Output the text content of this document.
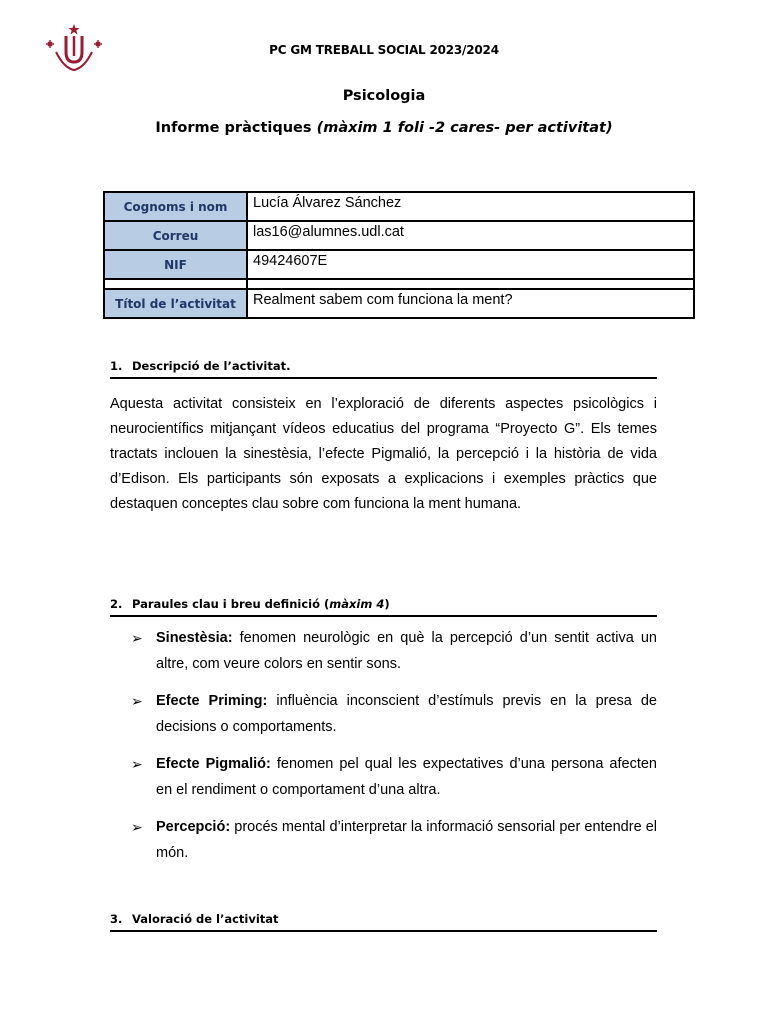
PC GM TREBALL SOCIAL 2023/2024
Psicologia
Informe pràctiques (màxim 1 foli -2 cares- per activitat)
Cognoms i nom	Lucía Álvarez Sánchez
Correu	las16@alumnes.udl.cat
NIF	49424607E

Títol de l’activitat	Realment sabem com funciona la ment?
1. Descripció de l’activitat.
Aquesta activitat consisteix en l’exploració de diferents aspectes psicològics i neurocientífics mitjançant vídeos educatius del programa “Proyecto G”. Els temes tractats inclouen la sinestèsia, l’efecte Pigmalió, la percepció i la història de vida d’Edison. Els participants són exposats a explicacions i exemples pràctics que destaquen conceptes clau sobre com funciona la ment humana.
2. Paraules clau i breu definició (màxim 4)
➢ Sinestèsia: fenomen neurològic en què la percepció d’un sentit activa un altre, com veure colors en sentir sons.
➢ Efecte Priming: influència inconscient d’estímuls previs en la presa de decisions o comportaments.
➢ Efecte Pigmalió: fenomen pel qual les expectatives d’una persona afecten en el rendiment o comportament d’una altra.
➢ Percepció: procés mental d’interpretar la informació sensorial per entendre el món.
3. Valoració de l’activitat
